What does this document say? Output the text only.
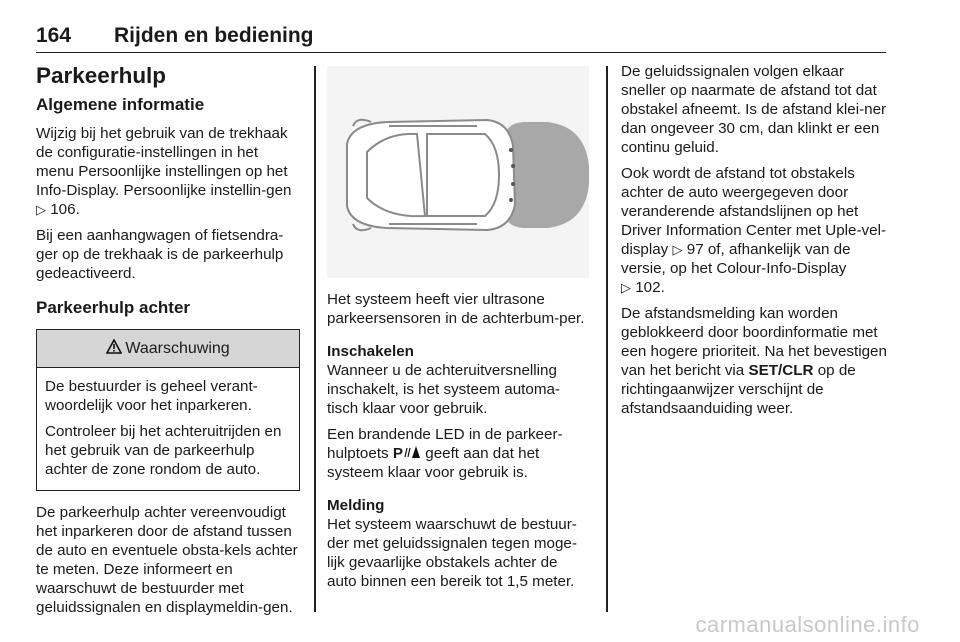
164 Rijden en bediening
Parkeerhulp
Algemene informatie

Wijzig bij het gebruik van de trekhaak de configuratie-instellingen in het menu Persoonlijke instellingen op het Info-Display. Persoonlijke instellin-gen ▷ 106.

Bij een aanhangwagen of fietsendra-ger op de trekhaak is de parkeerhulp gedeactiveerd.

Parkeerhulp achter
Waarschuwing

De bestuurder is geheel verant-woordelijk voor het inparkeren.

Controleer bij het achteruitrijden en het gebruik van de parkeerhulp achter de zone rondom de auto.

De parkeerhulp achter vereenvoudigt het inparkeren door de afstand tussen de auto en eventuele obsta-kels achter te meten. Deze informeert en waarschuwt de bestuurder met geluidssignalen en displaymeldin-gen.

Het systeem heeft vier ultrasone parkeersensoren in de achterbum-per.

Inschakelen

Wanneer u de achteruitversnelling inschakelt, is het systeem automa-tisch klaar voor gebruik.

Een brandende LED in de parkeer-hulptoets P geeft aan dat het systeem klaar voor gebruik is.

Melding

Het systeem waarschuwt de bestuur-der met geluidssignalen tegen moge-lijk gevaarlijke obstakels achter de auto binnen een bereik tot 1,5 meter.

De geluidssignalen volgen elkaar sneller op naarmate de afstand tot dat obstakel afneemt. Is de afstand klei-ner dan ongeveer 30 cm, dan klinkt er een continu geluid.

Ook wordt de afstand tot obstakels achter de auto weergegeven door veranderende afstandslijnen op het Driver Information Center met Uple-vel-display ▷ 97 of, afhankelijk van de versie, op het Colour-Info-Display
▷ 102.

De afstandsmelding kan worden geblokkeerd door boordinformatie met een hogere prioriteit. Na het bevestigen van het bericht via SET/CLR op de richtingaanwijzer verschijnt de afstandsaanduiding weer.

carmanualsonline.info
